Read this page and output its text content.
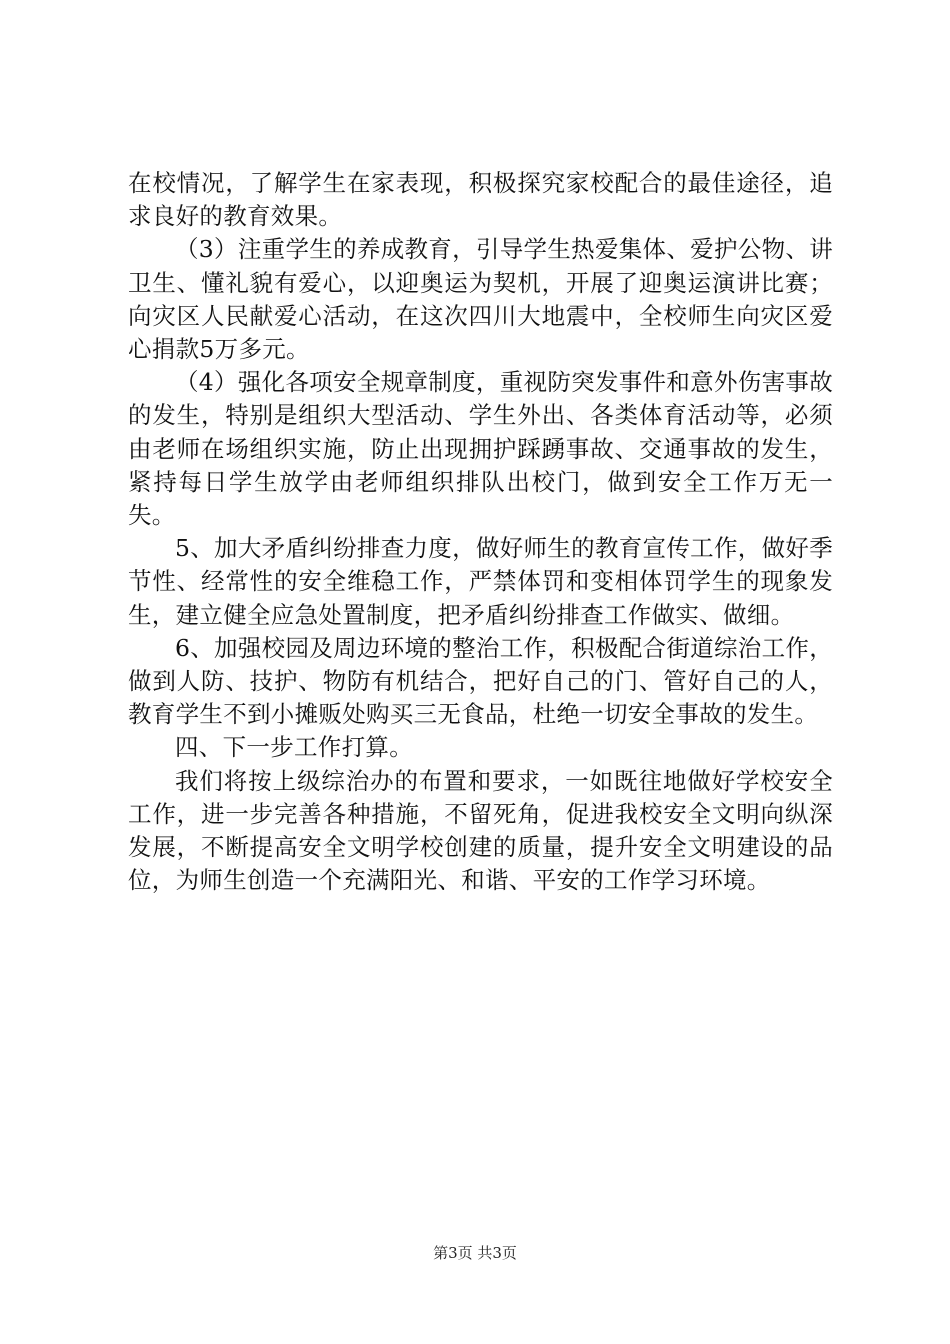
在校情况，了解学生在家表现，积极探究家校配合的最佳途径，追求良好的教育效果。

（3）注重学生的养成教育，引导学生热爱集体、爱护公物、讲卫生、懂礼貌有爱心，以迎奥运为契机，开展了迎奥运演讲比赛；向灾区人民献爱心活动，在这次四川大地震中，全校师生向灾区爱心捐款5万多元。

（4）强化各项安全规章制度，重视防突发事件和意外伤害事故的发生，特别是组织大型活动、学生外出、各类体育活动等，必须由老师在场组织实施，防止出现拥护踩踴事故、交通事故的发生，紧持每日学生放学由老师组织排队出校门，做到安全工作万无一失。

5、加大矛盾纠纷排查力度，做好师生的教育宣传工作，做好季节性、经常性的安全维稳工作，严禁体罚和变相体罚学生的现象发生，建立健全应急处置制度，把矛盾纠纷排查工作做实、做细。

6、加强校园及周边环境的整治工作，积极配合街道综治工作，做到人防、技护、物防有机结合，把好自己的门、管好自己的人，教育学生不到小摊贩处购买三无食品，杜绝一切安全事故的发生。

四、下一步工作打算。

我们将按上级综治办的布置和要求，一如既往地做好学校安全工作，进一步完善各种措施，不留死角，促进我校安全文明向纵深发展，不断提高安全文明学校创建的质量，提升安全文明建设的品位，为师生创造一个充满阳光、和谐、平安的工作学习环境。

第3页 共3页
